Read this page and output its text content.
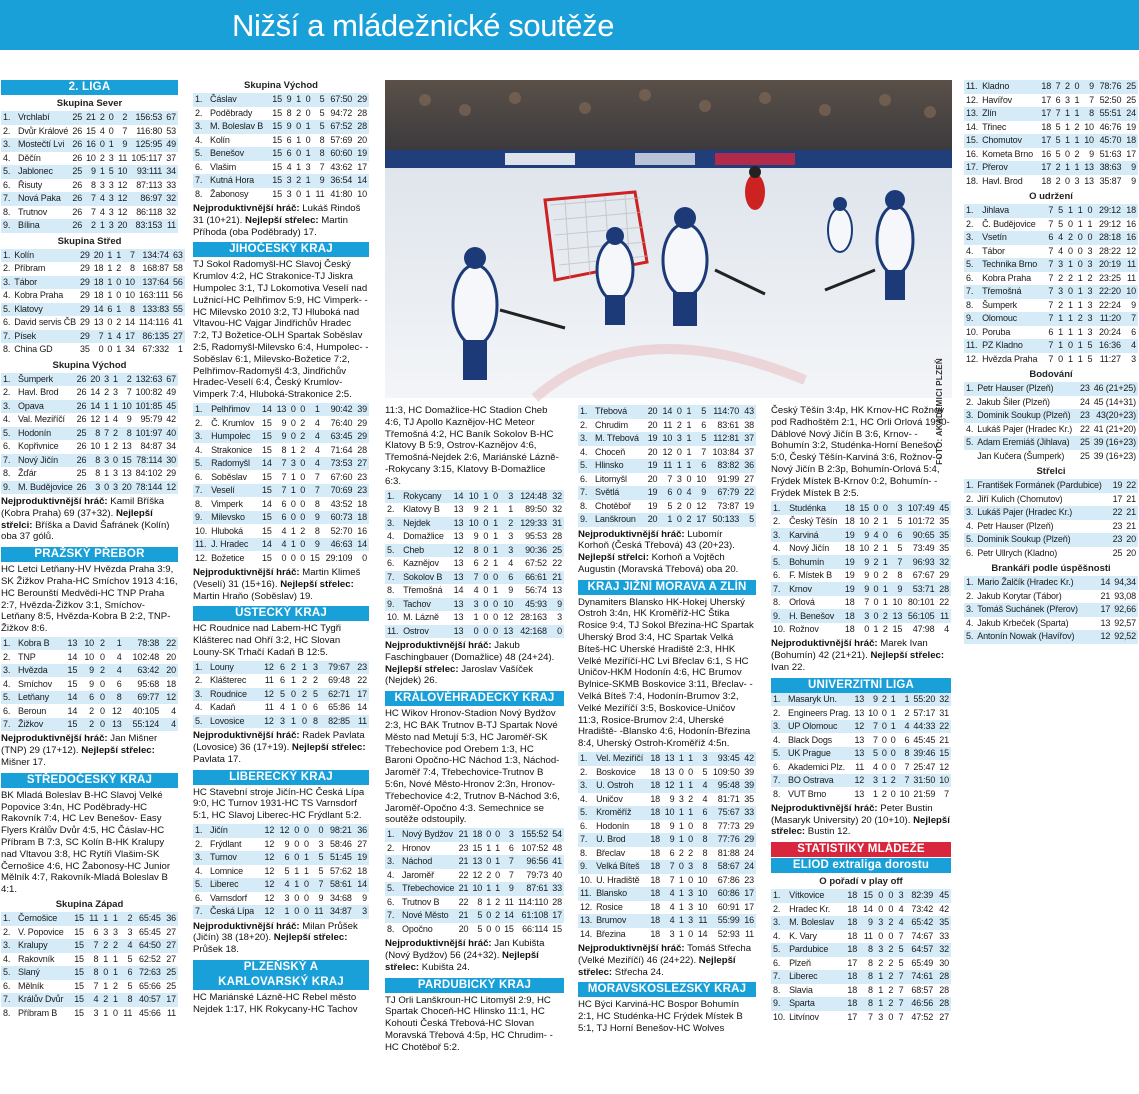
Nižší a mládežnické soutěže
2. LIGA
Skupina Sever
1.	Vrchlabí	25	21	2	0	2	156:53	67
2.	Dvůr Králové	26	15	4	0	7	116:80	53
3.	Mostečtí Lvi	26	16	0	1	9	125:95	49
4.	Děčín	26	10	2	3	11	105:117	37
5.	Jablonec	25	9	1	5	10	93:111	34
6.	Řisuty	26	8	3	3	12	87:113	33
7.	Nová Paka	26	7	4	3	12	86:97	32
8.	Trutnov	26	7	4	3	12	86:118	32
9.	Bílina	26	2	1	3	20	83:153	11
Skupina Střed
1.	Kolín	29	20	1	1	7	134:74	63
2.	Příbram	29	18	1	2	8	168:87	58
3.	Tábor	29	18	1	0	10	137:64	56
4.	Kobra Praha	29	18	1	0	10	163:111	56
5.	Klatovy	29	14	6	1	8	133:83	55
6.	David servis ČB	29	13	0	2	14	114:116	41
7.	Písek	29	7	1	4	17	86:135	27
8.	China GD	35	0	0	1	34	67:332	1
Skupina Východ
1.	Šumperk	26	20	3	1	2	132:63	67
2.	Havl. Brod	26	14	2	3	7	100:82	49
3.	Opava	26	14	1	1	10	101:85	45
4.	Val. Meziříčí	26	12	1	4	9	95:79	42
5.	Hodonín	25	8	7	2	8	101:97	40
6.	Kopřivnice	26	10	1	2	13	84:87	34
7.	Nový Jičín	26	8	3	0	15	78:114	30
8.	Žďár	25	8	1	3	13	84:102	29
9.	M. Budějovice	26	3	0	3	20	78:144	12

Nejproduktivnější hráč: Kamil Bříška (Kobra Praha) 69 (37+32). Nejlepší střelci: Bříška a David Šafránek (Kolín) oba 37 gólů.

PRAŽSKÝ PŘEBOR

HC Letci Letňany-HV Hvězda Praha 3:9, SK Žižkov Praha-HC Smíchov 1913 4:16, HC Berounští Medvědi-HC TNP Praha 2:7, Hvězda-Žižkov 3:1, Smíchov-Letňany 8:5, Hvězda-Kobra B 2:2, TNP-Žižkov 8:6.

1.	Kobra B	13	10	2	1	78:38	22
2.	TNP	14	10	0	4	102:48	20
3.	Hvězda	15	9	2	4	63:42	20
4.	Smíchov	15	9	0	6	95:68	18
5.	Letňany	14	6	0	8	69:77	12
6.	Beroun	14	2	0	12	40:105	4
7.	Žižkov	15	2	0	13	55:124	4

Nejproduktivnější hráč: Jan Mišner (TNP) 29 (17+12). Nejlepší střelec: Mišner 17.

STŘEDOČESKÝ KRAJ

BK Mladá Boleslav B-HC Slavoj Velké Popovice 3:4n, HC Poděbrady-HC Rakovník 7:4, HC Lev Benešov- Easy Flyers Králův Dvůr 4:5, HC Čáslav-HC Příbram B 7:3, SC Kolín B-HK Kralupy nad Vltavou 3:8, HC Rytíři Vlašim-SK Černošice 4:6, HC Žabonosy-HC Junior Mělník 4:7, Rakovník-Mladá Boleslav B 4:1.

Skupina Západ
1.	Černošice	15	11	1	1	2	65:45	36
2.	V. Popovice	15	6	3	3	3	65:45	27
3.	Kralupy	15	7	2	2	4	64:50	27
4.	Rakovník	15	8	1	1	5	62:52	27
5.	Slaný	15	8	0	1	6	72:63	25
6.	Mělník	15	7	1	2	5	65:66	25
7.	Králův Dvůr	15	4	2	1	8	40:57	17
8.	Příbram B	15	3	1	0	11	45:66	11
Skupina Východ
1.	Čáslav	15	9	1	0	5	67:50	29
2.	Poděbrady	15	8	2	0	5	94:72	28
3.	M. Boleslav B	15	9	0	1	5	67:52	28
4.	Kolín	15	6	1	0	8	57:69	20
5.	Benešov	15	6	0	1	8	60:60	19
6.	Vlašim	15	4	1	3	7	43:62	17
7.	Kutná Hora	15	3	2	1	9	36:54	14
8.	Žabonosy	15	3	0	1	11	41:80	10

Nejproduktivnější hráč: Lukáš Rindoš 31 (10+21). Nejlepší střelec: Martin Příhoda (oba Poděbrady) 17.

JIHOČESKÝ KRAJ

TJ Sokol Radomyšl-HC Slavoj Český Krumlov 4:2, HC Strakonice-TJ Jiskra Humpolec 3:1, TJ Lokomotiva Veselí nad Lužnicí-HC Pelhřimov 5:9, HC Vimperk- -HC Milevsko 2010 3:2, TJ Hluboká nad Vltavou-HC Vajgar Jindřichův Hradec 7:2, TJ Božetice-OLH Spartak Soběslav 2:5, Radomyšl-Milevsko 6:4, Humpolec- -Soběslav 6:1, Milevsko-Božetice 7:2, Pelhřimov-Radomyšl 4:3, Jindřichův Hradec-Veselí 6:4, Český Krumlov-Vimperk 7:4, Hluboká-Strakonice 2:5.

1.	Pelhřimov	14	13	0	0	1	90:42	39
2.	Č. Krumlov	15	9	0	2	4	76:40	29
3.	Humpolec	15	9	0	2	4	63:45	29
4.	Strakonice	15	8	1	2	4	71:64	28
5.	Radomyšl	14	7	3	0	4	73:53	27
6.	Soběslav	15	7	1	0	7	67:60	23
7.	Veselí	15	7	1	0	7	70:69	23
8.	Vimperk	14	6	0	0	8	43:52	18
9.	Milevsko	15	6	0	0	9	60:73	18
10.	Hluboká	15	4	1	2	8	52:70	16
11.	J. Hradec	14	4	1	0	9	46:63	14
12.	Božetice	15	0	0	0	15	29:109	0

Nejproduktivnější hráč: Martin Klimeš (Veselí) 31 (15+16). Nejlepší střelec: Martin Hraňo (Soběslav) 19.

ÚSTECKÝ KRAJ

HC Roudnice nad Labem-HC Tygři Klášterec nad Ohří 3:2, HC Slovan Louny-SK Trhačí Kadaň B 12:5.

1.	Louny	12	6	2	1	3	79:67	23
2.	Klášterec	11	6	1	2	2	69:48	22
3.	Roudnice	12	5	0	2	5	62:71	17
4.	Kadaň	11	4	1	0	6	65:86	14
5.	Lovosice	12	3	1	0	8	82:85	11

Nejproduktivnější hráč: Radek Pavlata (Lovosice) 36 (17+19). Nejlepší střelec: Pavlata 17.

LIBERECKÝ KRAJ

HC Stavební stroje Jičín-HC Česká Lípa 9:0, HC Turnov 1931-HC TS Varnsdorf 5:1, HC Slavoj Liberec-HC Frýdlant 5:2.

1.	Jičín	12	12	0	0	0	98:21	36
2.	Frýdlant	12	9	0	0	3	58:46	27
3.	Turnov	12	6	0	1	5	51:45	19
4.	Lomnice	12	5	1	1	5	57:62	18
5.	Liberec	12	4	1	0	7	58:61	14
6.	Varnsdorf	12	3	0	0	9	34:68	9
7.	Česká Lípa	12	1	0	0	11	34:87	3

Nejproduktivnější hráč: Milan Průšek (Jičín) 38 (18+20). Nejlepší střelec: Průšek 18.

PLZEŇSKÝ A KARLOVARSKÝ KRAJ

HC Mariánské Lázně-HC Rebel město Nejdek 1:17, HK Rokycany-HC Tachov

FOTO: AKADEMICI PLZEŇ

11:3, HC Domažlice-HC Stadion Cheb 4:6, TJ Apollo Kaznějov-HC Meteor Třemošná 4:2, HC Baník Sokolov B-HC Klatovy B 5:9, Ostrov-Kaznějov 4:6, Třemošná-Nejdek 2:6, Mariánské Lázně- -Rokycany 3:15, Klatovy B-Domažlice 6:3.

1.	Rokycany	14	10	1	0	3	124:48	32
2.	Klatovy B	13	9	2	1	1	89:50	32
3.	Nejdek	13	10	0	1	2	129:33	31
4.	Domažlice	13	9	0	1	3	95:53	28
5.	Cheb	12	8	0	1	3	90:36	25
6.	Kaznějov	13	6	2	1	4	67:52	22
7.	Sokolov B	13	7	0	0	6	66:61	21
8.	Třemošná	14	4	0	1	9	56:74	13
9.	Tachov	13	3	0	0	10	45:93	9
10.	M. Lázně	13	1	0	0	12	28:163	3
11.	Ostrov	13	0	0	0	13	42:168	0

Nejproduktivnější hráč: Jakub Faschingbauer (Domažlice) 48 (24+24). Nejlepší střelec: Jaroslav Vašíček (Nejdek) 26.

KRÁLOVÉHRADECKÝ KRAJ

HC Wikov Hronov-Stadion Nový Bydžov 2:3, HC BAK Trutnov B-TJ Spartak Nové Město nad Metují 5:3, HC Jaroměř-SK Třebechovice pod Orebem 1:3, HC Baroni Opočno-HC Náchod 1:3, Náchod-Jaroměř 7:4, Třebechovice-Trutnov B 5:6n, Nové Město-Hronov 2:3n, Hronov-Třebechovice 4:2, Trutnov B-Náchod 3:6, Jaroměř-Opočno 4:3. Semechnice se soutěže odstoupily.

1.	Nový Bydžov	21	18	0	0	3	155:52	54
2.	Hronov	23	15	1	1	6	107:52	48
3.	Náchod	21	13	0	1	7	96:56	41
4.	Jaroměř	22	12	2	0	7	79:73	40
5.	Třebechovice	21	10	1	1	9	87:61	33
6.	Trutnov B	22	8	1	2	11	114:110	28
7.	Nové Město	21	5	0	2	14	61:108	17
8.	Opočno	20	5	0	0	15	66:114	15

Nejproduktivnější hráč: Jan Kubišta (Nový Bydžov) 56 (24+32). Nejlepší střelec: Kubišta 24.

PARDUBICKÝ KRAJ

TJ Orli Lanškroun-HC Litomyšl 2:9, HC Spartak Choceň-HC Hlinsko 11:1, HC Kohouti Česká Třebová-HC Slovan Moravská Třebová 4:5p, HC Chrudim- -HC Chotěboř 5:2.

1.	Třebová	20	14	0	1	5	114:70	43
2.	Chrudim	20	11	2	1	6	83:61	38
3.	M. Třebová	19	10	3	1	5	112:81	37
4.	Choceň	20	12	0	1	7	103:84	37
5.	Hlinsko	19	11	1	1	6	83:82	36
6.	Litomyšl	20	7	3	0	10	91:99	27
7.	Světlá	19	6	0	4	9	67:79	22
8.	Chotěboř	19	5	2	0	12	73:87	19
9.	Lanškroun	20	1	0	2	17	50:133	5

Nejproduktivnější hráč: Lubomír Korhoň (Česká Třebová) 43 (20+23). Nejlepší střelci: Korhoň a Vojtěch Augustin (Moravská Třebová) oba 20.

KRAJ JIŽNÍ MORAVA A ZLÍN

Dynamiters Blansko HK-Hokej Uherský Ostroh 3:4n, HK Kroměříž-HC Štika Rosice 9:4, TJ Sokol Březina-HC Spartak Uherský Brod 3:4, HC Spartak Velká Bíteš-HC Uherské Hradiště 2:3, HHK Velké Meziříčí-HC Lvi Břeclav 6:1, S HC Uničov-HKM Hodonín 4:6, HC Brumov Bylnice-SKMB Boskovice 3:11, Břeclav- -Velká Bíteš 7:4, Hodonín-Brumov 3:2, Velké Meziříčí 3:5, Boskovice-Uničov 11:3, Rosice-Brumov 2:4, Uherské Hradiště- -Blansko 4:6, Hodonín-Březina 8:4, Uherský Ostroh-Kroměříž 4:5n.

1.	Vel. Meziříčí	18	13	1	1	3	93:45	42
2.	Boskovice	18	13	0	0	5	109:50	39
3.	U. Ostroh	18	12	1	1	4	95:48	39
4.	Uničov	18	9	3	2	4	81:71	35
5.	Kroměříž	18	10	1	1	6	75:67	33
6.	Hodonín	18	9	1	0	8	77:73	29
7.	U. Brod	18	9	1	0	8	77:76	29
8.	Břeclav	18	6	2	2	8	81:88	24
9.	Velká Bíteš	18	7	0	3	8	58:67	24
10.	U. Hradiště	18	7	1	0	10	67:86	23
11.	Blansko	18	4	1	3	10	60:86	17
12.	Rosice	18	4	1	3	10	60:91	17
13.	Brumov	18	4	1	3	11	55:99	16
14.	Březina	18	3	1	0	14	52:93	11

Nejproduktivnější hráč: Tomáš Střecha (Velké Meziříčí) 46 (24+22). Nejlepší střelec: Střecha 24.

MORAVSKOSLEZSKÝ KRAJ

HC Býci Karviná-HC Bospor Bohumín 2:1, HC Studénka-HC Frýdek Místek B 5:1, TJ Horní Benešov-HC Wolves

Český Těšín 3:4p, HK Krnov-HC Rožnov pod Radhoštěm 2:1, HC Orli Orlová 1930-Dáblové Nový Jičín B 3:6, Krnov- -Bohumín 3:2, Studénka-Horní Benešov 5:0, Český Těšín-Karviná 3:6, Rožnov- -Nový Jičín B 2:3p, Bohumín-Orlová 5:4, Frýdek Místek B-Krnov 0:2, Bohumín- -Frýdek Místek B 2:5.

1.	Studénka	18	15	0	0	3	107:49	45
2.	Český Těšín	18	10	2	1	5	101:72	35
3.	Karviná	19	9	4	0	6	90:65	35
4.	Nový Jičín	18	10	2	1	5	73:49	35
5.	Bohumín	19	9	2	1	7	96:93	32
6.	F. Místek B	19	9	0	2	8	67:67	29
7.	Krnov	19	9	0	1	9	53:71	28
8.	Orlová	18	7	0	1	10	80:101	22
9.	H. Benešov	18	3	0	2	13	56:105	11
10.	Rožnov	18	0	1	2	15	47:98	4

Nejproduktivnější hráč: Marek Ivan (Bohumín) 42 (21+21). Nejlepší střelec: Ivan 22.

UNIVERZITNÍ LIGA
1.	Masaryk Un.	13	9	2	1	1	55:20	32
2.	Engineers Prag.	13	10	0	1	2	57:17	31
3.	UP Olomouc	12	7	0	1	4	44:33	22
4.	Black Dogs	13	7	0	0	6	45:45	21
5.	UK Prague	13	5	0	0	8	39:46	15
6.	Akademici Plz.	11	4	0	0	7	25:47	12
7.	BO Ostrava	12	3	1	2	7	31:50	10
8.	VUT Brno	13	1	2	0	10	21:59	7

Nejproduktivnější hráč: Peter Bustin (Masaryk University) 20 (10+10). Nejlepší střelec: Bustin 12.

STATISTIKY MLÁDEŽE
ELIOD extraliga dorostu
O pořadí v play off
1.	Vítkovice	18	15	0	0	3	82:39	45
2.	Hradec Kr.	18	14	0	0	4	73:42	42
3.	M. Boleslav	18	9	3	2	4	65:42	35
4.	K. Vary	18	11	0	0	7	74:67	33
5.	Pardubice	18	8	3	2	5	64:57	32
6.	Plzeň	17	8	2	2	5	65:49	30
7.	Liberec	18	8	1	2	7	74:61	28
8.	Slavia	18	8	1	2	7	68:57	28
9.	Sparta	18	8	1	2	7	46:56	28
10.	Litvínov	17	7	3	0	7	47:52	27
11.	Kladno	18	7	2	0	9	78:76	25
12.	Havířov	17	6	3	1	7	52:50	25
13.	Zlín	17	7	1	1	8	55:51	24
14.	Třinec	18	5	1	2	10	46:76	19
15.	Chomutov	17	5	1	1	10	45:70	18
16.	Kometa Brno	16	5	0	2	9	51:63	17
17.	Přerov	17	2	1	1	13	38:63	9
18.	Havl. Brod	18	2	0	3	13	35:87	9
O udržení
1.	Jihlava	7	5	1	1	0	29:12	18
2.	Č. Budějovice	7	5	0	1	1	29:12	16
3.	Vsetín	6	4	2	0	0	28:18	16
4.	Tábor	7	4	0	0	3	28:22	12
5.	Technika Brno	7	3	1	0	3	20:19	11
6.	Kobra Praha	7	2	2	1	2	23:25	11
7.	Třemošná	7	3	0	1	3	22:20	10
8.	Šumperk	7	2	1	1	3	22:24	9
9.	Olomouc	7	1	1	2	3	11:20	7
10.	Poruba	6	1	1	1	3	20:24	6
11.	PZ Kladno	7	1	0	1	5	16:36	4
12.	Hvězda Praha	7	0	1	1	5	11:27	3
Bodování
1.	Petr Hauser (Plzeň)	23	46 (21+25)
2.	Jakub Šiler (Plzeň)	24	45 (14+31)
3.	Dominik Soukup (Plzeň)	23	43(20+23)
4.	Lukáš Pajer (Hradec Kr.)	22	41 (21+20)
5.	Adam Eremiáš (Jihlava)	25	39 (16+23)
	Jan Kučera (Šumperk)	25	39 (16+23)
Střelci
1.	František Formánek (Pardubice)	19	22
2.	Jiří Kulich (Chomutov)	17	21
3.	Lukáš Pajer (Hradec Kr.)	22	21
4.	Petr Hauser (Plzeň)	23	21
5.	Dominik Soukup (Plzeň)	23	20
6.	Petr Ullrych (Kladno)	25	20
Brankáři podle úspěšnosti
1.	Mario Žalčík (Hradec Kr.)	14	94,34
2.	Jakub Korytar (Tábor)	21	93,08
3.	Tomáš Suchánek (Přerov)	17	92,66
4.	Jakub Krbeček (Sparta)	13	92,57
5.	Antonín Nowak (Havířov)	12	92,52
